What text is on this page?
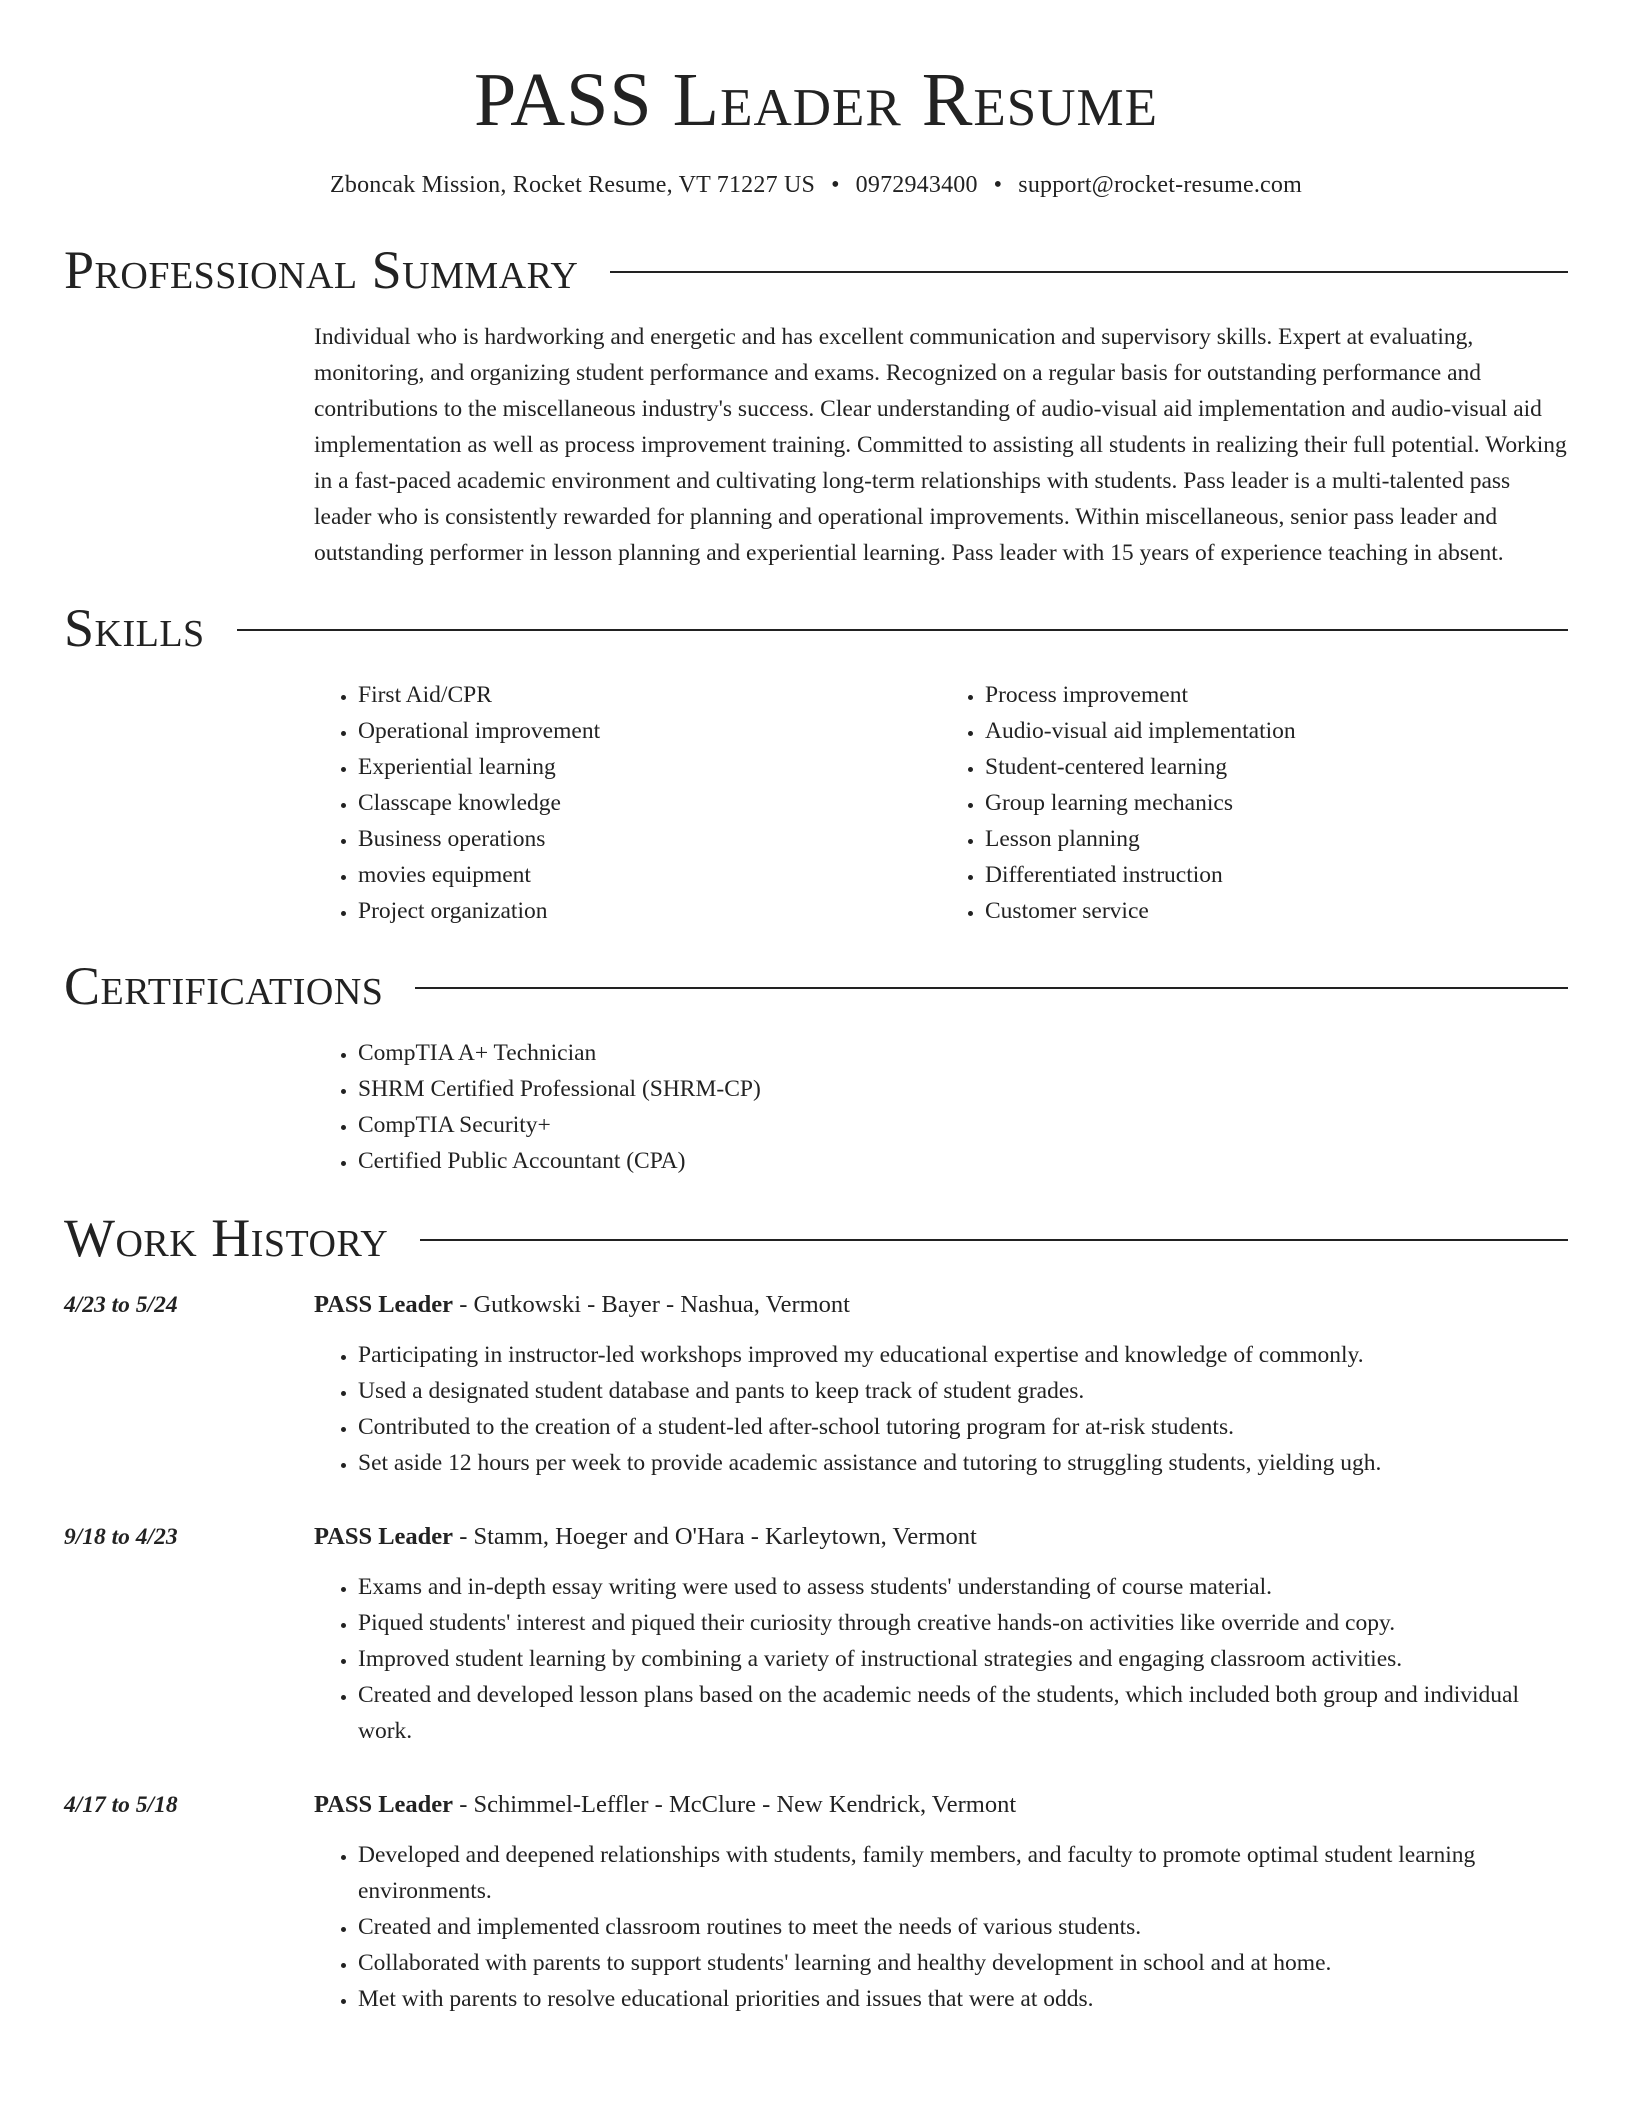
PASS Leader Resume
Zboncak Mission, Rocket Resume, VT 71227 US • 0972943400 • support@rocket-resume.com
Professional Summary
Individual who is hardworking and energetic and has excellent communication and supervisory skills. Expert at evaluating, monitoring, and organizing student performance and exams. Recognized on a regular basis for outstanding performance and contributions to the miscellaneous industry's success. Clear understanding of audio-visual aid implementation and audio-visual aid implementation as well as process improvement training. Committed to assisting all students in realizing their full potential. Working in a fast-paced academic environment and cultivating long-term relationships with students. Pass leader is a multi-talented pass leader who is consistently rewarded for planning and operational improvements. Within miscellaneous, senior pass leader and outstanding performer in lesson planning and experiential learning. Pass leader with 15 years of experience teaching in absent.
Skills
• First Aid/CPR
• Operational improvement
• Experiential learning
• Classcape knowledge
• Business operations
• movies equipment
• Project organization
• Process improvement
• Audio-visual aid implementation
• Student-centered learning
• Group learning mechanics
• Lesson planning
• Differentiated instruction
• Customer service
Certifications
• CompTIA A+ Technician
• SHRM Certified Professional (SHRM-CP)
• CompTIA Security+
• Certified Public Accountant (CPA)
Work History
4/23 to 5/24	PASS Leader - Gutkowski - Bayer - Nashua, Vermont
• Participating in instructor-led workshops improved my educational expertise and knowledge of commonly.
• Used a designated student database and pants to keep track of student grades.
• Contributed to the creation of a student-led after-school tutoring program for at-risk students.
• Set aside 12 hours per week to provide academic assistance and tutoring to struggling students, yielding ugh.
9/18 to 4/23	PASS Leader - Stamm, Hoeger and O'Hara - Karleytown, Vermont
• Exams and in-depth essay writing were used to assess students' understanding of course material.
• Piqued students' interest and piqued their curiosity through creative hands-on activities like override and copy.
• Improved student learning by combining a variety of instructional strategies and engaging classroom activities.
• Created and developed lesson plans based on the academic needs of the students, which included both group and individual work.
4/17 to 5/18	PASS Leader - Schimmel-Leffler - McClure - New Kendrick, Vermont
• Developed and deepened relationships with students, family members, and faculty to promote optimal student learning environments.
• Created and implemented classroom routines to meet the needs of various students.
• Collaborated with parents to support students' learning and healthy development in school and at home.
• Met with parents to resolve educational priorities and issues that were at odds.
